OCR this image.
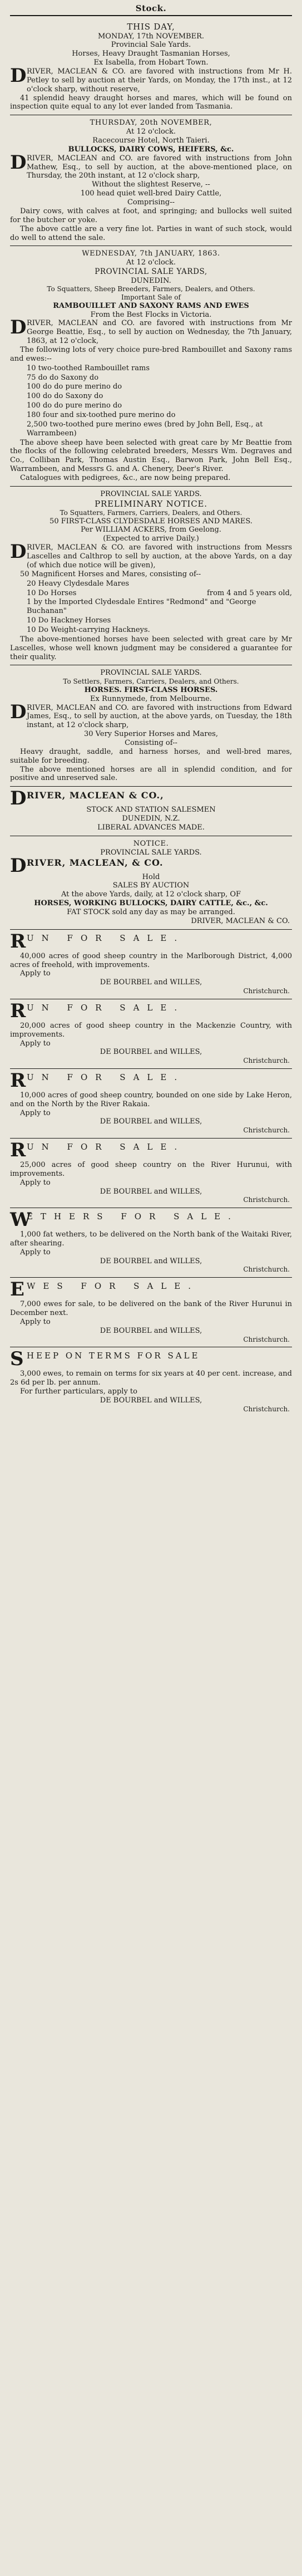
Stock.
THIS DAY,
MONDAY, 17th NOVEMBER.
Provincial Sale Yards.
Horses, Heavy Draught Tasmanian Horses,
Ex Isabella, from Hobart Town.
D RIVER, MACLEAN & CO. are favored with instructions from Mr H. Petley to sell by auction at their Yards, on Monday, the 17th inst., at 12 o'clock sharp, without reserve,
41 splendid heavy draught horses and mares, which will be found on inspection quite equal to any lot ever landed from Tasmania.
THURSDAY, 20th NOVEMBER,
At 12 o'clock.
Racecourse Hotel, North Taieri.
BULLOCKS, DAIRY COWS, HEIFERS, &c.
D RIVER, MACLEAN and CO. are favored with instructions from John Mathew, Esq., to sell by auction, at the above-mentioned place, on Thursday, the 20th instant, at 12 o'clock sharp,
Without the slightest Reserve, --
100 head quiet well-bred Dairy Cattle,
Comprising--
Dairy cows, with calves at foot, and springing; and bullocks well suited for the butcher or yoke.
The above cattle are a very fine lot. Parties in want of such stock, would do well to attend the sale.
WEDNESDAY, 7th JANUARY, 1863.
At 12 o'clock.
PROVINCIAL SALE YARDS,
DUNEDIN.
To Squatters, Sheep Breeders, Farmers, Dealers, and Others.
Important Sale of
RAMBOUILLET AND SAXONY RAMS AND EWES
From the Best Flocks in Victoria.
D RIVER, MACLEAN and CO. are favored with instructions from Mr George Beattie, Esq., to sell by auction on Wednesday, the 7th January, 1863, at 12 o'clock,
The following lots of very choice pure-bred Rambouillet and Saxony rams and ewes:--
10 two-toothed Rambouillet rams
75 do do Saxony do
100 do do pure merino do
100 do do Saxony do
100 do do pure merino do
180 four and six-toothed pure merino do
2,500 two-toothed pure merino ewes (bred by John Bell, Esq., at Warrambeen)
The above sheep have been selected with great care by Mr Beattie from the flocks of the following celebrated breeders, Messrs Wm. Degraves and Co., Colliban Park, Thomas Austin Esq., Barwon Park, John Bell Esq., Warrambeen, and Messrs G. and A. Chenery, Deer's River.
Catalogues with pedigrees, &c., are now being prepared.
PROVINCIAL SALE YARDS.
PRELIMINARY NOTICE.
To Squatters, Farmers, Carriers, Dealers, and Others.
50 FIRST-CLASS CLYDESDALE HORSES AND MARES.
Per WILLIAM ACKERS, from Geelong.
(Expected to arrive Daily.)
D RIVER, MACLEAN & CO. are favored with instructions from Messrs Lascelles and Calthrop to sell by auction, at the above Yards, on a day (of which due notice will be given),
50 Magnificent Horses and Mares, consisting of--
20 Heavy Clydesdale Mares
10 Do Horses	from 4 and 5 years old,
1 by the Imported Clydesdale Entires "Redmond" and "George Buchanan"
10 Do Hackney Horses
10 Do Weight-carrying Hackneys.
The above-mentioned horses have been selected with great care by Mr Lascelles, whose well known judgment may be considered a guarantee for their quality.
PROVINCIAL SALE YARDS.
To Settlers, Farmers, Carriers, Dealers, and Others.
HORSES. FIRST-CLASS HORSES.
Ex Runnymede, from Melbourne.
D RIVER, MACLEAN and CO. are favored with instructions from Edward James, Esq., to sell by auction, at the above yards, on Tuesday, the 18th instant, at 12 o'clock sharp,
30 Very Superior Horses and Mares,
Consisting of--
Heavy draught, saddle, and harness horses, and well-bred mares, suitable for breeding.
The above mentioned horses are all in splendid condition, and for positive and unreserved sale.
D RIVER, MACLEAN & CO.,
STOCK AND STATION SALESMEN
DUNEDIN, N.Z.
LIBERAL ADVANCES MADE.
NOTICE.
PROVINCIAL SALE YARDS.
D RIVER, MACLEAN, & CO.
Hold
SALES BY AUCTION
At the above Yards, daily, at 12 o'clock sharp, OF
HORSES, WORKING BULLOCKS, DAIRY CATTLE, &c., &c.
FAT STOCK sold any day as may be arranged.
DRIVER, MACLEAN & CO.
R UN FOR SALE.
40,000 acres of good sheep country in the Marlborough District, 4,000 acres of freehold, with improvements.
Apply to
DE BOURBEL and WILLES,
Christchurch.
R UN FOR SALE.
20,000 acres of good sheep country in the Mackenzie Country, with improvements.
Apply to
DE BOURBEL and WILLES,
Christchurch.
R UN FOR SALE.
10,000 acres of good sheep country, bounded on one side by Lake Heron, and on the North by the River Rakaia.
Apply to
DE BOURBEL and WILLES,
Christchurch.
R UN FOR SALE.
25,000 acres of good sheep country on the River Hurunui, with improvements.
Apply to
DE BOURBEL and WILLES,
Christchurch.
W
ETHERS FOR SALE.
1,000 fat wethers, to be delivered on the North bank of the Waitaki River, after shearing.
Apply to
DE BOURBEL and WILLES,
Christchurch.
E WES FOR SALE.
7,000 ewes for sale, to be delivered on the bank of the River Hurunui in December next.
Apply to
DE BOURBEL and WILLES,
Christchurch.
S HEEP ON TERMS FOR SALE
3,000 ewes, to remain on terms for six years at 40 per cent. increase, and 2s 6d per lb. per annum.
For further particulars, apply to
DE BOURBEL and WILLES,
Christchurch.
